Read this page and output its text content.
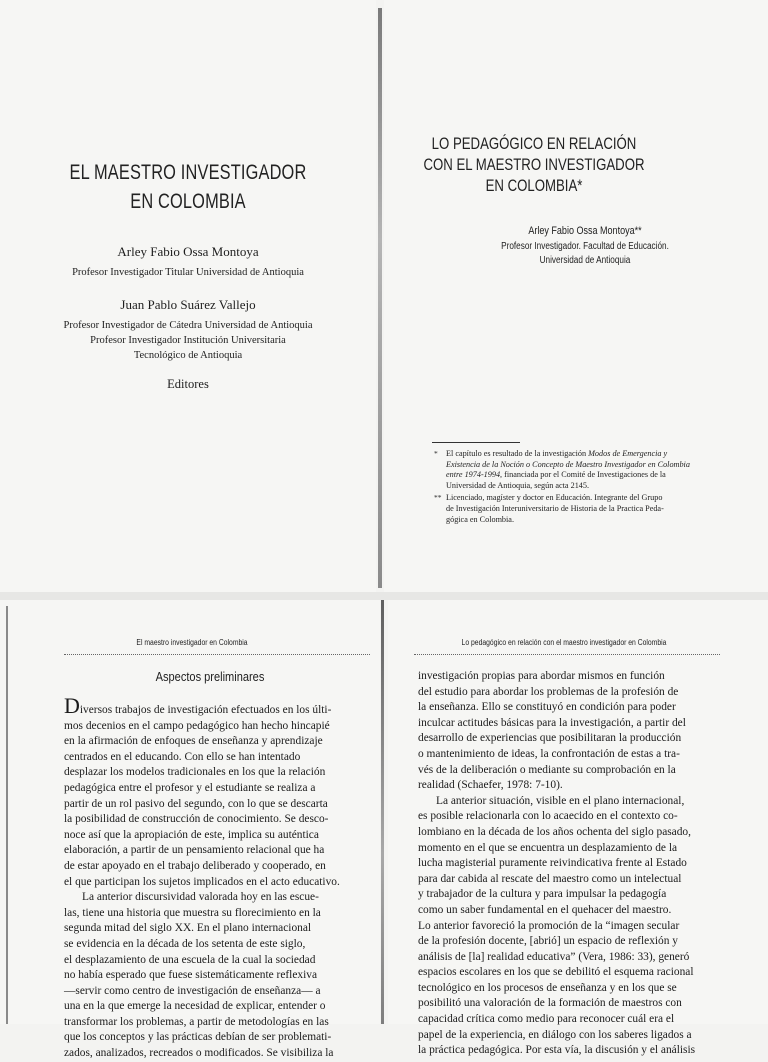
EL MAESTRO INVESTIGADOR
EN COLOMBIA
Arley Fabio Ossa Montoya
Profesor Investigador Titular Universidad de Antioquia
Juan Pablo Suárez Vallejo
Profesor Investigador de Cátedra Universidad de Antioquia
Profesor Investigador Institución Universitaria
Tecnológico de Antioquia
Editores
LO PEDAGÓGICO EN RELACIÓN
CON EL MAESTRO INVESTIGADOR
EN COLOMBIA*
Arley Fabio Ossa Montoya**
Profesor Investigador. Facultad de Educación.
Universidad de Antioquia
*	El capítulo es resultado de la investigación Modos de Emergencia y
Existencia de la Noción o Concepto de Maestro Investigador en Colombia
entre 1974-1994, financiada por el Comité de Investigaciones de la
Universidad de Antioquia, según acta 2145.
** Licenciado, magíster y doctor en Educación. Integrante del Grupo
de Investigación Interuniversitario de Historia de la Practica Peda-
gógica en Colombia.
El maestro investigador en Colombia
Aspectos preliminares
Diversos trabajos de investigación efectuados en los últi-
mos decenios en el campo pedagógico han hecho hincapié
en la afirmación de enfoques de enseñanza y aprendizaje
centrados en el educando. Con ello se han intentado
desplazar los modelos tradicionales en los que la relación
pedagógica entre el profesor y el estudiante se realiza a
partir de un rol pasivo del segundo, con lo que se descarta
la posibilidad de construcción de conocimiento. Se desco-
noce así que la apropiación de este, implica su auténtica
elaboración, a partir de un pensamiento relacional que ha
de estar apoyado en el trabajo deliberado y cooperado, en
el que participan los sujetos implicados en el acto educativo.
La anterior discursividad valorada hoy en las escue-
las, tiene una historia que muestra su florecimiento en la
segunda mitad del siglo XX. En el plano internacional
se evidencia en la década de los setenta de este siglo,
el desplazamiento de una escuela de la cual la sociedad
no había esperado que fuese sistemáticamente reflexiva
—servir como centro de investigación de enseñanza— a
una en la que emerge la necesidad de explicar, entender o
transformar los problemas, a partir de metodologías en las
que los conceptos y las prácticas debían de ser problemati-
zados, analizados, recreados o modificados. Se visibiliza la
Lo pedagógico en relación con el maestro investigador en Colombia
investigación propias para abordar mismos en función
del estudio para abordar los problemas de la profesión de
la enseñanza. Ello se constituyó en condición para poder
inculcar actitudes básicas para la investigación, a partir del
desarrollo de experiencias que posibilitaran la producción
o mantenimiento de ideas, la confrontación de estas a tra-
vés de la deliberación o mediante su comprobación en la
realidad (Schaefer, 1978: 7-10).
La anterior situación, visible en el plano internacional,
es posible relacionarla con lo acaecido en el contexto co-
lombiano en la década de los años ochenta del siglo pasado,
momento en el que se encuentra un desplazamiento de la
lucha magisterial puramente reivindicativa frente al Estado
para dar cabida al rescate del maestro como un intelectual
y trabajador de la cultura y para impulsar la pedagogía
como un saber fundamental en el quehacer del maestro.
Lo anterior favoreció la promoción de la “imagen secular
de la profesión docente, [abrió] un espacio de reflexión y
análisis de [la] realidad educativa” (Vera, 1986: 33), generó
espacios escolares en los que se debilitó el esquema racional
tecnológico en los procesos de enseñanza y en los que se
posibilitó una valoración de la formación de maestros con
capacidad crítica como medio para reconocer cuál era el
papel de la experiencia, en diálogo con los saberes ligados a
la práctica pedagógica. Por esta vía, la discusión y el análisis
